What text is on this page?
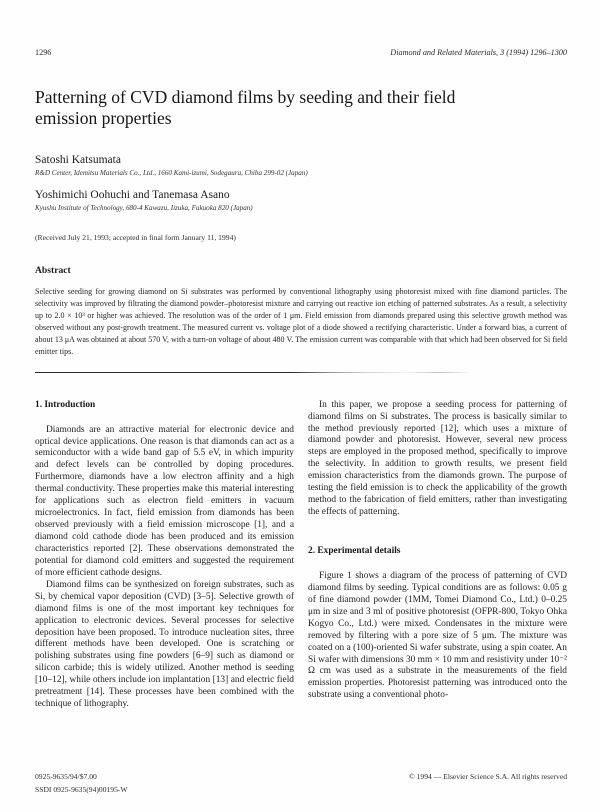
1296	Diamond and Related Materials, 3 (1994) 1296–1300
Patterning of CVD diamond films by seeding and their field emission properties
Satoshi Katsumata
R&D Center, Idemitsu Materials Co., Ltd., 1660 Kami-izumi, Sodegaura, Chiba 299-02 (Japan)
Yoshimichi Oohuchi and Tanemasa Asano
Kyushu Institute of Technology, 680-4 Kawazu, Iizuka, Fukuoka 820 (Japan)
(Received July 21, 1993; accepted in final form January 11, 1994)
Abstract
Selective seeding for growing diamond on Si substrates was performed by conventional lithography using photoresist mixed with fine diamond particles. The selectivity was improved by filtrating the diamond powder–photoresist mixture and carrying out reactive ion etching of patterned substrates. As a result, a selectivity up to 2.0 × 10³ or higher was achieved. The resolution was of the order of 1 μm. Field emission from diamonds prepared using this selective growth method was observed without any post-growth treatment. The measured current vs. voltage plot of a diode showed a rectifying characteristic. Under a forward bias, a current of about 13 μA was obtained at about 570 V, with a turn-on voltage of about 480 V. The emission current was comparable with that which had been observed for Si field emitter tips.
1. Introduction

Diamonds are an attractive material for electronic device and optical device applications. One reason is that diamonds can act as a semiconductor with a wide band gap of 5.5 eV, in which impurity and defect levels can be controlled by doping procedures. Furthermore, diamonds have a low electron affinity and a high thermal conductivity. These properties make this material interesting for applications such as electron field emitters in vacuum microelectronics. In fact, field emission from diamonds has been observed previously with a field emission microscope [1], and a diamond cold cathode diode has been produced and its emission characteristics reported [2]. These observations demonstrated the potential for diamond cold emitters and suggested the requirement of more efficient cathode designs.

Diamond films can be synthesized on foreign substrates, such as Si, by chemical vapor deposition (CVD) [3–5]. Selective growth of diamond films is one of the most important key techniques for application to electronic devices. Several processes for selective deposition have been proposed. To introduce nucleation sites, three different methods have been developed. One is scratching or polishing substrates using fine powders [6–9] such as diamond or silicon carbide; this is widely utilized. Another method is seeding [10–12], while others include ion implantation [13] and electric field pretreatment [14]. These processes have been combined with the technique of lithography.

In this paper, we propose a seeding process for patterning of diamond films on Si substrates. The process is basically similar to the method previously reported [12], which uses a mixture of diamond powder and photoresist. However, several new process steps are employed in the proposed method, specifically to improve the selectivity. In addition to growth results, we present field emission characteristics from the diamonds grown. The purpose of testing the field emission is to check the applicability of the growth method to the fabrication of field emitters, rather than investigating the effects of patterning.

2. Experimental details

Figure 1 shows a diagram of the process of patterning of CVD diamond films by seeding. Typical conditions are as follows: 0.05 g of fine diamond powder (1MM, Tomei Diamond Co., Ltd.) 0–0.25 μm in size and 3 ml of positive photoresist (OFPR-800, Tokyo Ohka Kogyo Co., Ltd.) were mixed. Condensates in the mixture were removed by filtering with a pore size of 5 μm. The mixture was coated on a (100)-oriented Si wafer substrate, using a spin coater. An Si wafer with dimensions 30 mm × 10 mm and resistivity under 10⁻² Ω cm was used as a substrate in the measurements of the field emission properties. Photoresist patterning was introduced onto the substrate using a conventional photo-

0925-9635/94/$7.00
SSDI 0925-9635(94)00195-W
© 1994 — Elsevier Science S.A. All rights reserved
